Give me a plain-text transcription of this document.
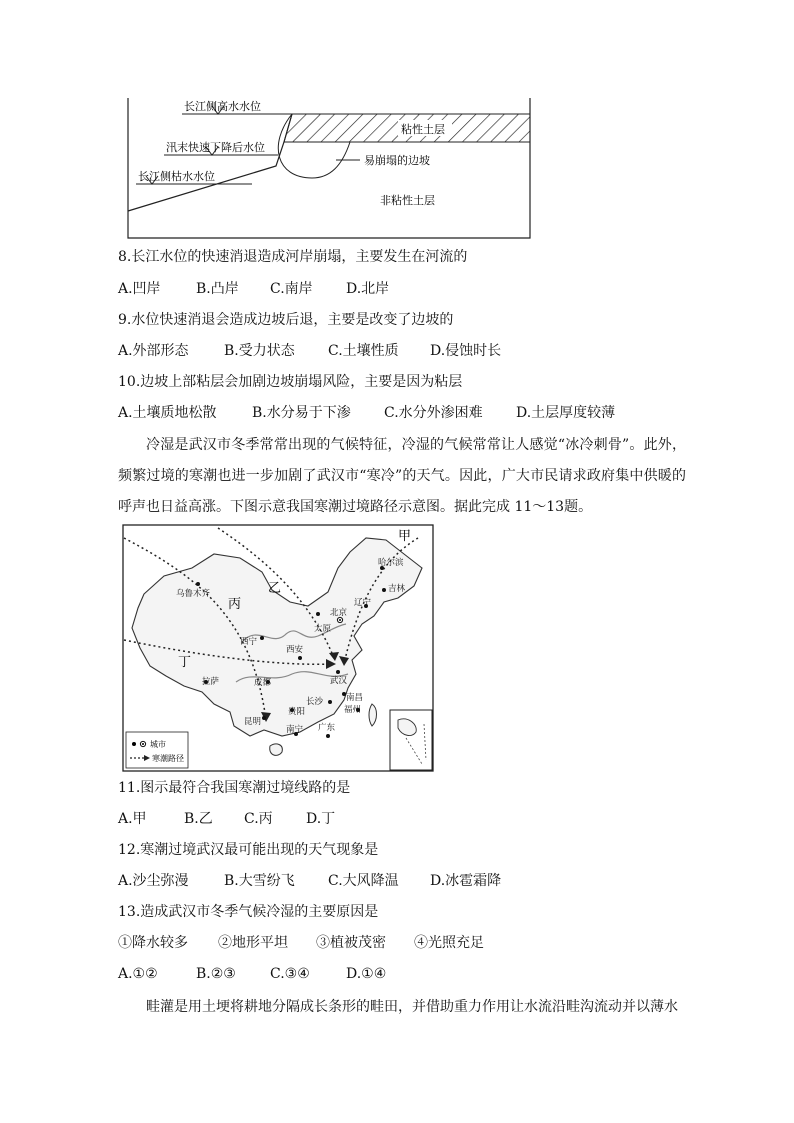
长江侧高水水位
汛末快速下降后水位
长江侧枯水水位
粘性土层
易崩塌的边坡
非粘性土层
8.长江水位的快速消退造成河岸崩塌，主要发生在河流的
A.凹岸	B.凸岸 C.南岸 D.北岸
9.水位快速消退会造成边坡后退，主要是改变了边坡的
A.外部形态	B.受力状态 C.土壤性质 D.侵蚀时长
10.边坡上部粘层会加剧边坡崩塌风险，主要是因为粘层
A.土壤质地松散	B.水分易于下渗 C.水分外渗困难 D.土层厚度较薄
冷湿是武汉市冬季常常出现的气候特征，冷湿的气候常常让人感觉“冰冷刺骨”。此外，频繁过境的寒潮也进一步加剧了武汉市“寒冷”的天气。因此，广大市民请求政府集中供暖的呼声也日益高涨。下图示意我国寒潮过境路径示意图。据此完成 11～13题。
甲
乙
丙
丁
哈尔滨
吉林
乌鲁木齐
北京
辽宁
太原
西宁
西安
拉萨	成都	武汉
长沙	南昌
贵阳	福州
昆明
南宁 广东
城市
寒潮路径
11.图示最符合我国寒潮过境线路的是
A.甲	B.乙 C.丙 D.丁
12.寒潮过境武汉最可能出现的天气现象是
A.沙尘弥漫	B.大雪纷飞 C.大风降温 D.冰雹霜降
13.造成武汉市冬季气候冷湿的主要原因是
①降水较多 ②地形平坦 ③植被茂密 ④光照充足
A.①②	B.②③ C.③④	D.①④
畦灌是用土埂将耕地分隔成长条形的畦田，并借助重力作用让水流沿畦沟流动并以薄水
